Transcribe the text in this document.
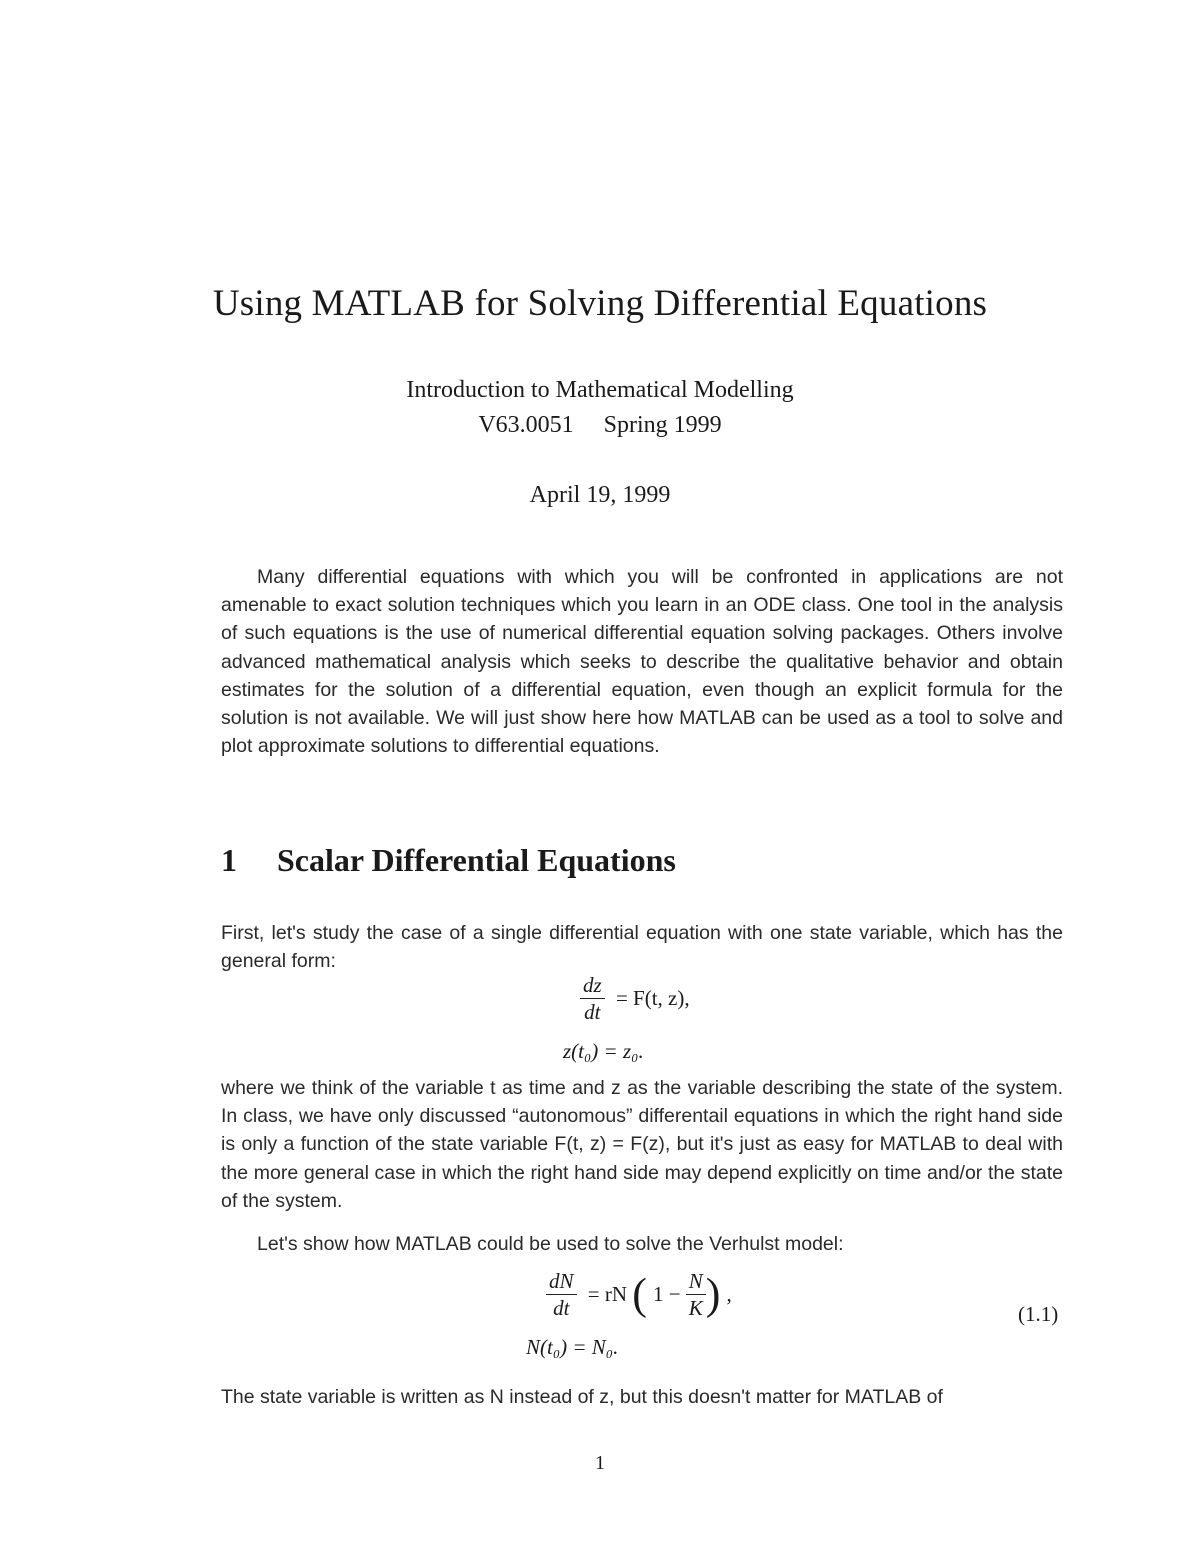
Using MATLAB for Solving Differential Equations
Introduction to Mathematical Modelling
V63.0051 Spring 1999
April 19, 1999
Many differential equations with which you will be confronted in applications are not amenable to exact solution techniques which you learn in an ODE class. One tool in the analysis of such equations is the use of numerical differential equation solving packages. Others involve advanced mathematical analysis which seeks to describe the qualitative behavior and obtain estimates for the solution of a differential equation, even though an explicit formula for the solution is not available. We will just show here how MATLAB can be used as a tool to solve and plot approximate solutions to differential equations.
1 Scalar Differential Equations
First, let's study the case of a single differential equation with one state variable, which has the general form:
$\frac{dz}{dt} = F(t$, z),
z(t₀) = z₀.
where we think of the variable t as time and z as the variable describing the state of the system. In class, we have only discussed “autonomous” differentail equations in which the right hand side is only a function of the state variable F(t, z) = F(z), but it's just as easy for MATLAB to deal with the more general case in which the right hand side may depend explicitly on time and/or the state of the system.
Let's show how MATLAB could be used to solve the Verhulst model:
$\frac{dN}{dt}$ = rN ( $1 - \frac{N}{K}$ ) ,
(1.1)
N(t₀) = N₀.
The state variable is written as N instead of z, but this doesn't matter for MATLAB of
1
